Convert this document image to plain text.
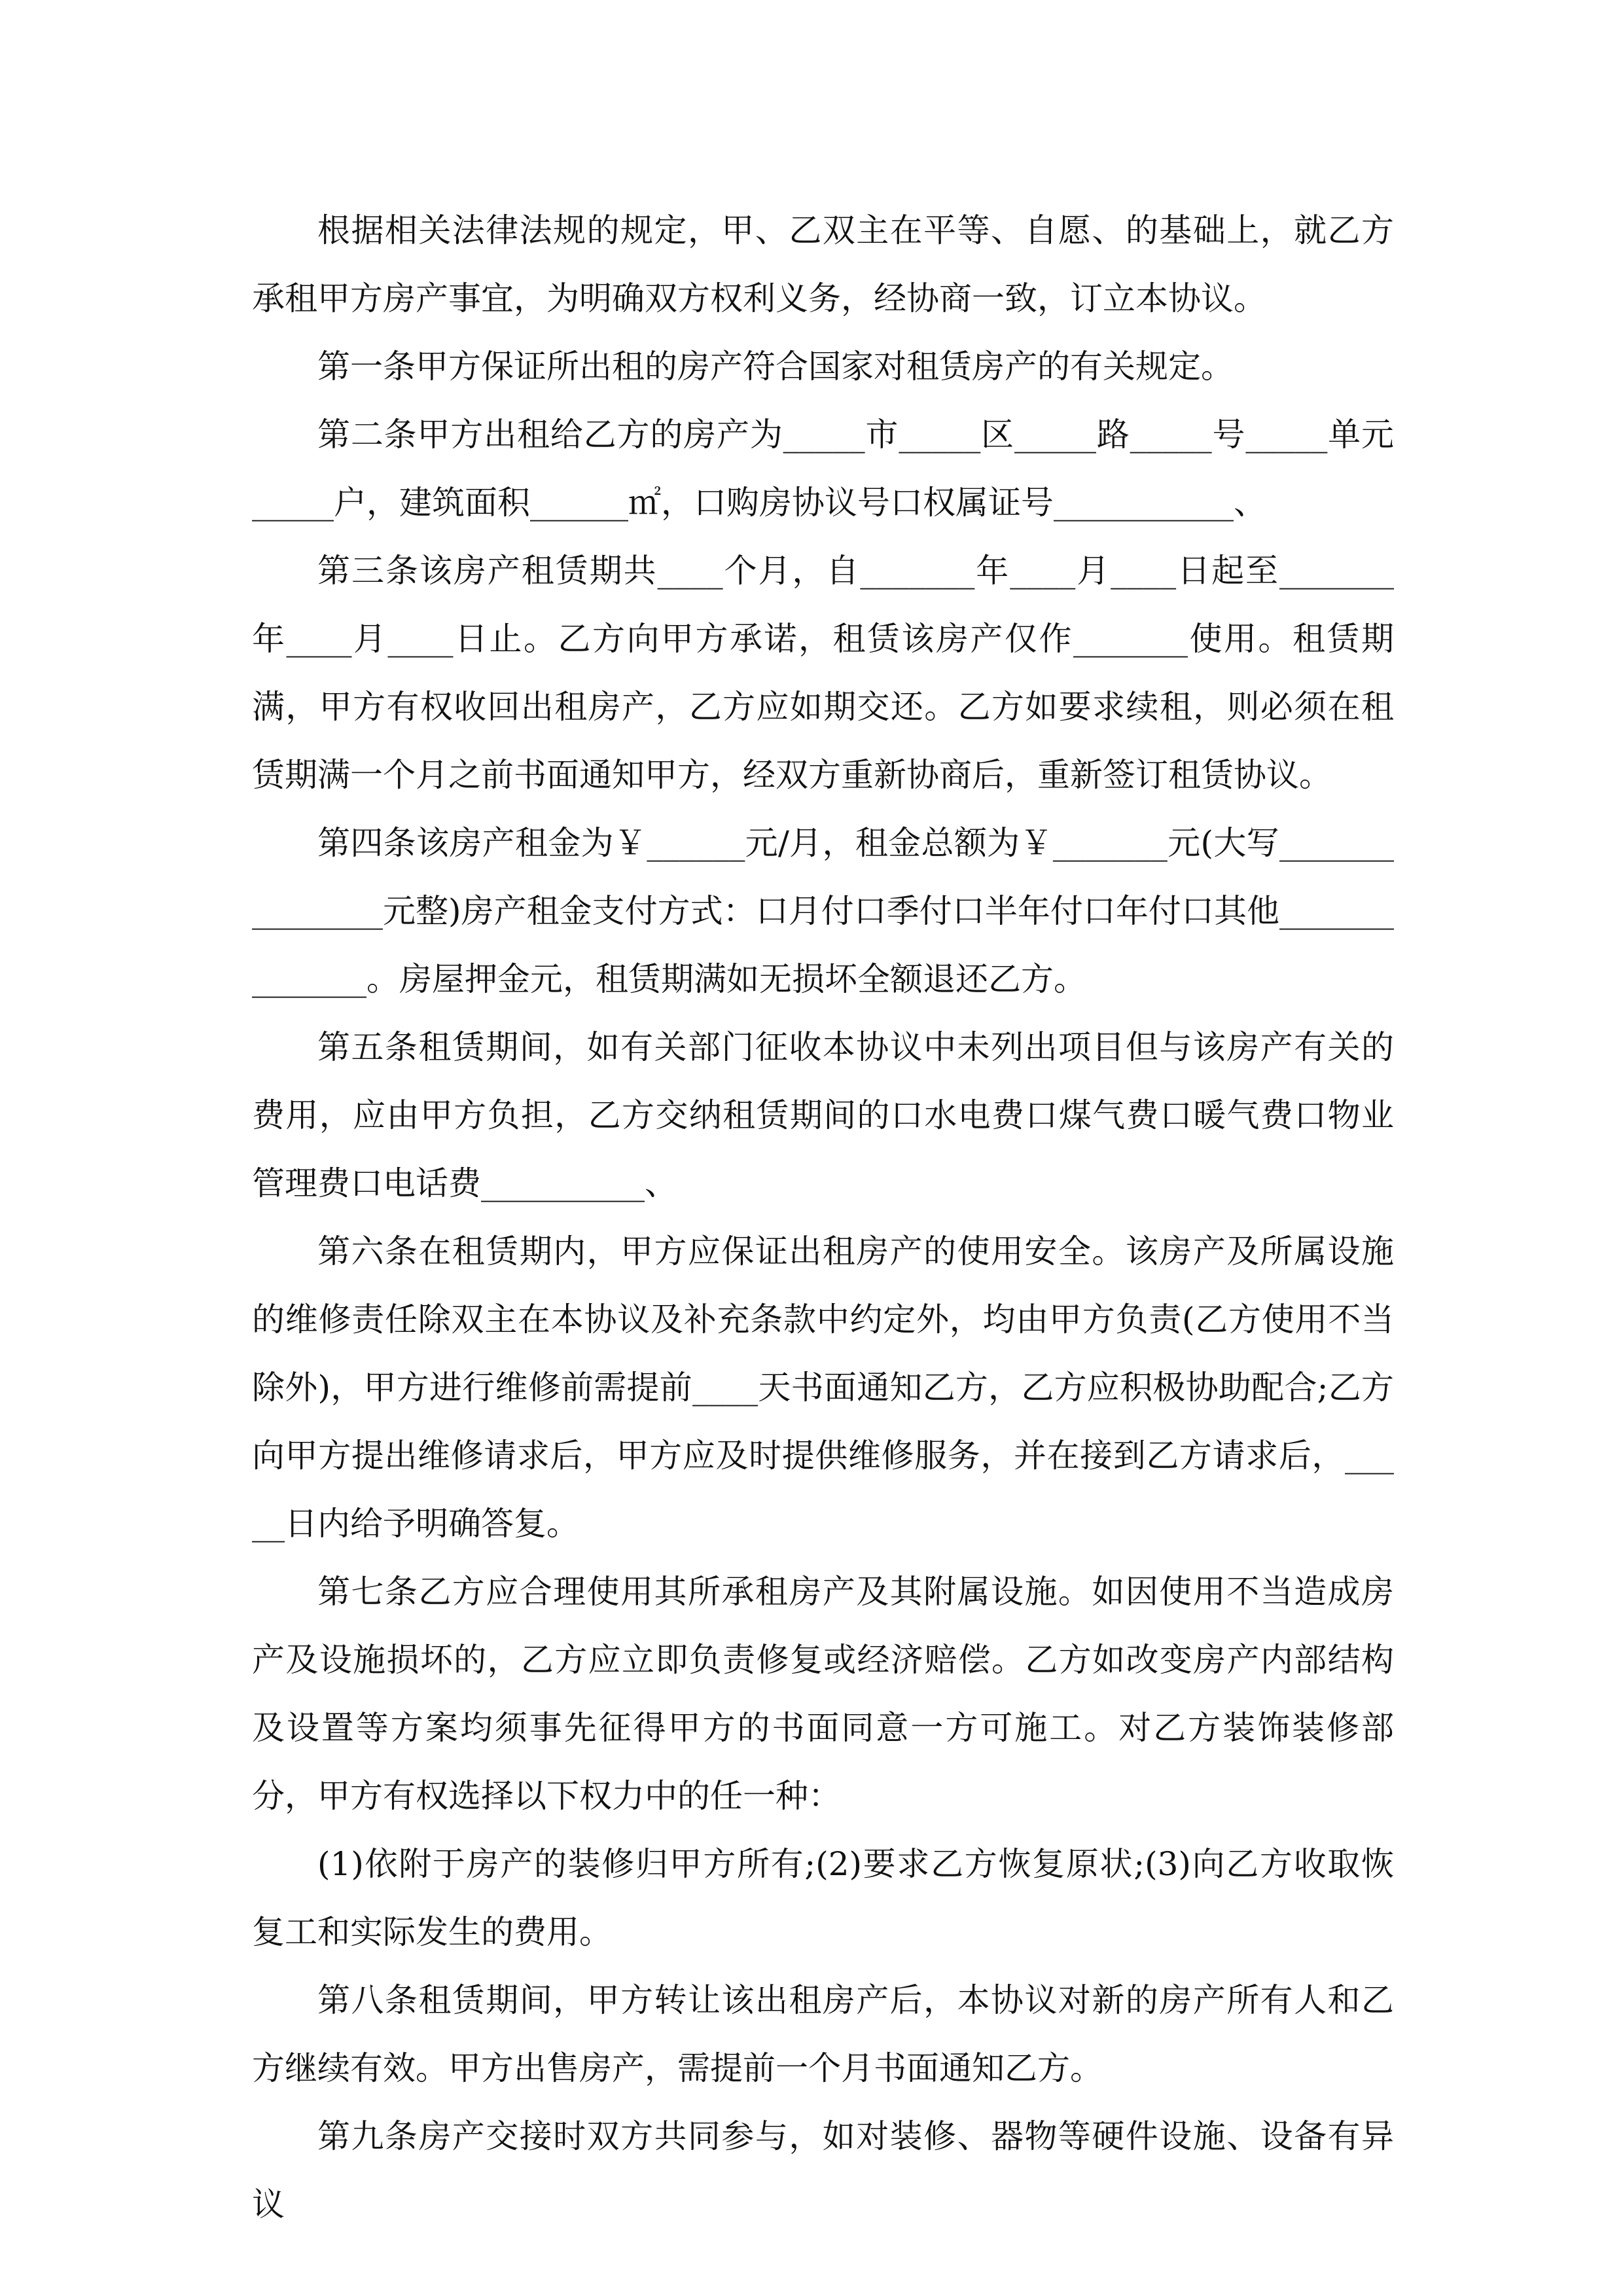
根据相关法律法规的规定，甲、乙双主在平等、自愿、的基础上，就乙方承租甲方房产事宜，为明确双方权利义务，经协商一致，订立本协议。

第一条甲方保证所出租的房产符合国家对租赁房产的有关规定。

第二条甲方出租给乙方的房产为_____市_____区_____路_____号_____单元_____户，建筑面积______㎡，口购房协议号口权属证号___________、

第三条该房产租赁期共____个月，自_______年____月____日起至_______年____月____日止。乙方向甲方承诺，租赁该房产仅作_______使用。租赁期满，甲方有权收回出租房产，乙方应如期交还。乙方如要求续租，则必须在租赁期满一个月之前书面通知甲方，经双方重新协商后，重新签订租赁协议。

第四条该房产租金为￥______元/月，租金总额为￥_______元(大写_______________元整)房产租金支付方式：口月付口季付口半年付口年付口其他______________。房屋押金元，租赁期满如无损坏全额退还乙方。

第五条租赁期间，如有关部门征收本协议中未列出项目但与该房产有关的费用，应由甲方负担，乙方交纳租赁期间的口水电费口煤气费口暖气费口物业管理费口电话费__________、

第六条在租赁期内，甲方应保证出租房产的使用安全。该房产及所属设施的维修责任除双主在本协议及补充条款中约定外，均由甲方负责(乙方使用不当除外)，甲方进行维修前需提前____天书面通知乙方，乙方应积极协助配合;乙方向甲方提出维修请求后，甲方应及时提供维修服务，并在接到乙方请求后，_____日内给予明确答复。

第七条乙方应合理使用其所承租房产及其附属设施。如因使用不当造成房产及设施损坏的，乙方应立即负责修复或经济赔偿。乙方如改变房产内部结构及设置等方案均须事先征得甲方的书面同意一方可施工。对乙方装饰装修部分，甲方有权选择以下权力中的任一种：

(1)依附于房产的装修归甲方所有;(2)要求乙方恢复原状;(3)向乙方收取恢复工和实际发生的费用。

第八条租赁期间，甲方转让该出租房产后，本协议对新的房产所有人和乙方继续有效。甲方出售房产，需提前一个月书面通知乙方。

第九条房产交接时双方共同参与，如对装修、器物等硬件设施、设备有异议
